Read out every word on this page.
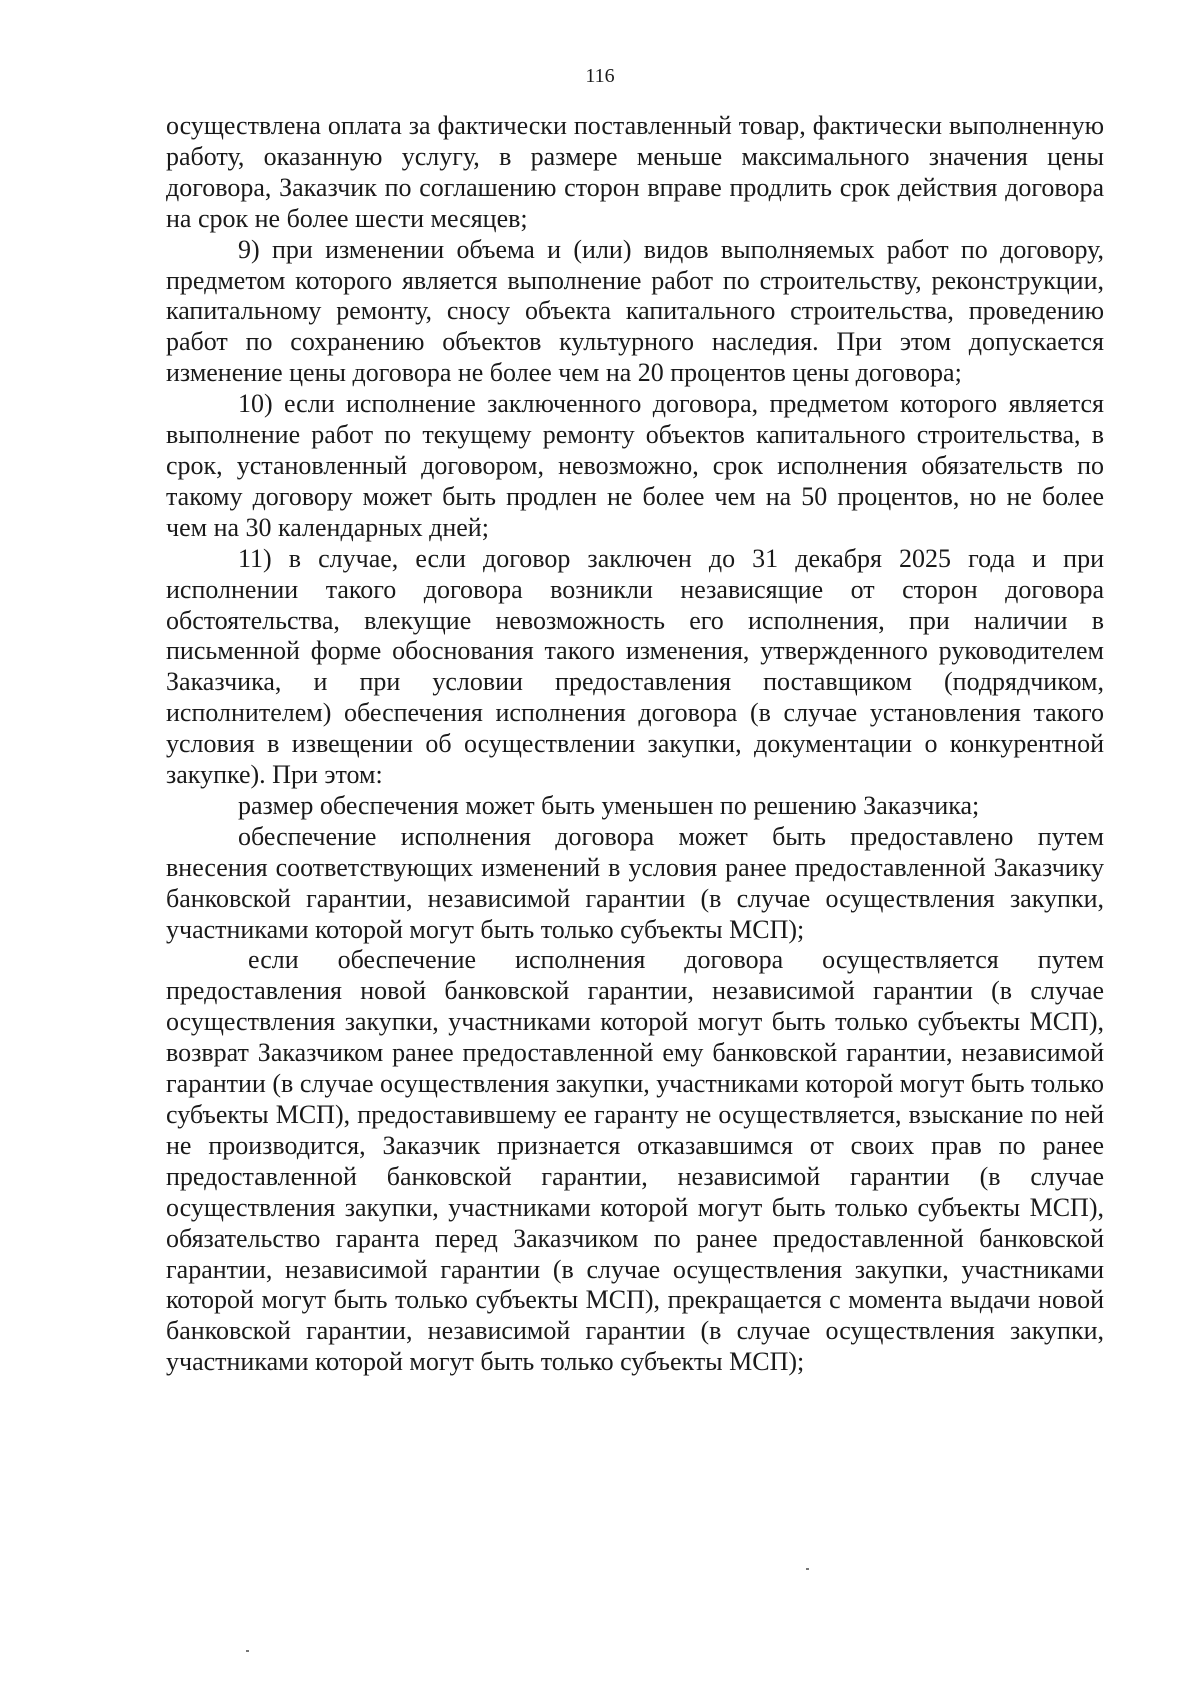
116

осуществлена оплата за фактически поставленный товар, фактически выполненную работу, оказанную услугу, в размере меньше максимального значения цены договора, Заказчик по соглашению сторон вправе продлить срок действия договора на срок не более шести месяцев;

9) при изменении объема и (или) видов выполняемых работ по договору, предметом которого является выполнение работ по строительству, реконструкции, капитальному ремонту, сносу объекта капитального строительства, проведению работ по сохранению объектов культурного наследия. При этом допускается изменение цены договора не более чем на 20 процентов цены договора;

10) если исполнение заключенного договора, предметом которого является выполнение работ по текущему ремонту объектов капитального строительства, в срок, установленный договором, невозможно, срок исполнения обязательств по такому договору может быть продлен не более чем на 50 процентов, но не более чем на 30 календарных дней;

11) в случае, если договор заключен до 31 декабря 2025 года и при исполнении такого договора возникли независящие от сторон договора обстоятельства, влекущие невозможность его исполнения, при наличии в письменной форме обоснования такого изменения, утвержденного руководителем Заказчика, и при условии предоставления поставщиком (подрядчиком, исполнителем) обеспечения исполнения договора (в случае установления такого условия в извещении об осуществлении закупки, документации о конкурентной закупке). При этом:

размер обеспечения может быть уменьшен по решению Заказчика;

обеспечение исполнения договора может быть предоставлено путем внесения соответствующих изменений в условия ранее предоставленной Заказчику банковской гарантии, независимой гарантии (в случае осуществления закупки, участниками которой могут быть только субъекты МСП);

если обеспечение исполнения договора осуществляется путем предоставления новой банковской гарантии, независимой гарантии (в случае осуществления закупки, участниками которой могут быть только субъекты МСП), возврат Заказчиком ранее предоставленной ему банковской гарантии, независимой гарантии (в случае осуществления закупки, участниками которой могут быть только субъекты МСП), предоставившему ее гаранту не осуществляется, взыскание по ней не производится, Заказчик признается отказавшимся от своих прав по ранее предоставленной банковской гарантии, независимой гарантии (в случае осуществления закупки, участниками которой могут быть только субъекты МСП), обязательство гаранта перед Заказчиком по ранее предоставленной банковской гарантии, независимой гарантии (в случае осуществления закупки, участниками которой могут быть только субъекты МСП), прекращается с момента выдачи новой банковской гарантии, независимой гарантии (в случае осуществления закупки, участниками которой могут быть только субъекты МСП);
